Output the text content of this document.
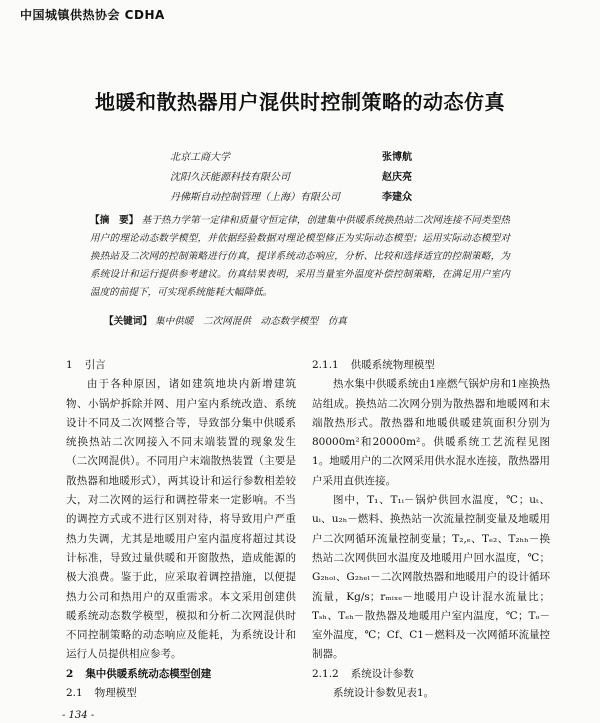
中国城镇供热协会 CDHA
地暖和散热器用户混供时控制策略的动态仿真
北京工商大学	张博航
沈阳久沃能源科技有限公司	赵庆亮
丹佛斯自动控制管理（上海）有限公司	李建众
【摘　要】 基于热力学第一定律和质量守恒定律，创建集中供暖系统换热站二次网连接不同类型热用户的理论动态数学模型，并依据经验数据对理论模型修正为实际动态模型；运用实际动态模型对换热站及二次网的控制策略进行仿真，提详系统动态响应，分析、比较和选择适宜的控制策略，为系统设计和运行提供参考建议。仿真结果表明，采用当量室外温度补偿控制策略，在满足用户室内温度的前提下，可实现系统能耗大幅降低。
【关键词】 集中供暖　二次网混供　动态数学模型　仿真
1 引言

由于各种原因，诸如建筑地块内新增建筑物、小锅炉拆除并网、用户室内系统改造、系统设计不同及二次网整合等，导致部分集中供暖系统换热站二次网接入不同末端装置的现象发生（二次网混供）。不同用户末端散热装置（主要是散热器和地暖形式），两其设计和运行参数相差较大，对二次网的运行和调控带来一定影响。不当的调控方式或不进行区别对待，将导致用户严重热力失调，尤其是地暖用户室内温度将超过其设计标准，导致过量供暖和开窗散热，造成能源的极大浪费。鉴于此，应采取着调控措施，以便提热力公司和热用户的双重需求。本文采用创建供暖系统动态数学模型，模拟和分析二次网混供时不同控制策略的动态响应及能耗，为系统设计和运行人员提供相应参考。

2 集中供暖系统动态模型创建
2.1 物理模型
2.1.1 供暖系统物理模型

热水集中供暖系统由1座燃气锅炉房和1座换热站组成。换热站二次网分别为散热器和地暖网和末端散热形式。散热器和地暖供暖建筑面积分别为80000m²和20000m²。供暖系统工艺流程见图1。地暖用户的二次网采用供水混水连接，散热器用户采用直供连接。

图中，T₁、T₁ᵢ－锅炉供回水温度，℃；uₜ、uᵢ、u₂ₕ－燃料、换热站一次流量控制变量及地暖用户二次网循环流量控制变量；T₂,ₑ、Tₑ₂、T₂ₕₕ－换热站二次网供回水温度及地暖用户回水温度，℃；G₂ₕₒₗ、G₂ₕₑₗ－二次网散热器和地暖用户的设计循环流量，Kg/s；rₘᵢₓₑ－地暖用户设计混水流量比；Tₛₕ、Tₑₕ－散热器及地暖用户室内温度，℃；Tₒ－室外温度，℃；Cf、C1－燃料及一次网循环流量控制器。

2.1.2 系统设计参数

系统设计参数见表1。

- 134 -
